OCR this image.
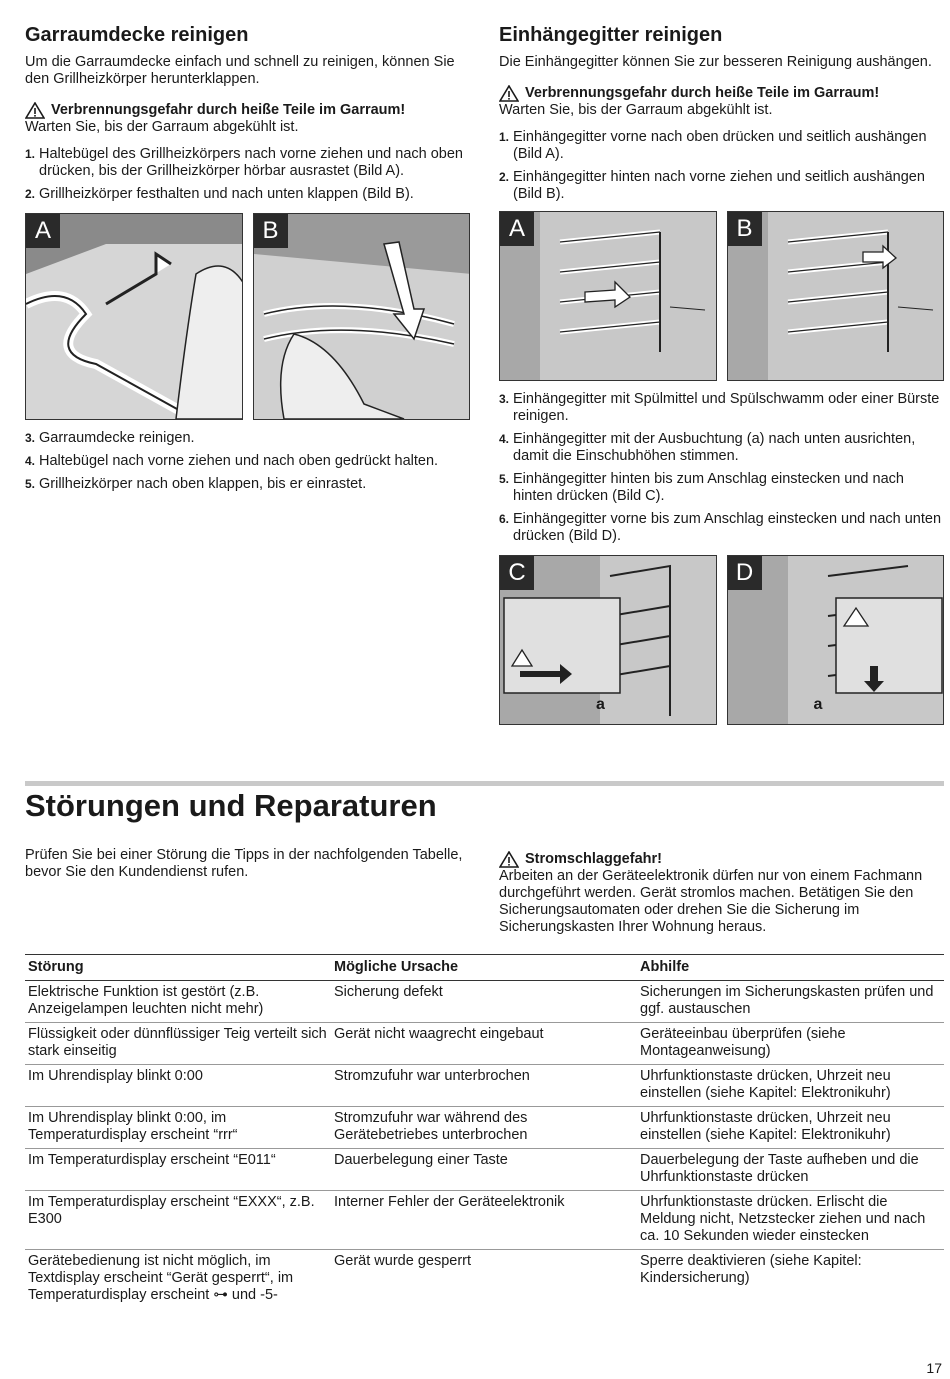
Garraumdecke reinigen

Um die Garraumdecke einfach und schnell zu reinigen, können Sie den Grillheizkörper herunterklappen.

Verbrennungsgefahr durch heiße Teile im Garraum!

Warten Sie, bis der Garraum abgekühlt ist.

1. Haltebügel des Grillheizkörpers nach vorne ziehen und nach oben drücken, bis der Grillheizkörper hörbar ausrastet (Bild A).
2. Grillheizkörper festhalten und nach unten klappen (Bild B).
A	B
3. Garraumdecke reinigen.
4. Haltebügel nach vorne ziehen und nach oben gedrückt halten.
5. Grillheizkörper nach oben klappen, bis er einrastet.
Einhängegitter reinigen

Die Einhängegitter können Sie zur besseren Reinigung aushängen.

Verbrennungsgefahr durch heiße Teile im Garraum!

Warten Sie, bis der Garraum abgekühlt ist.

1. Einhängegitter vorne nach oben drücken und seitlich aushängen (Bild A).
2. Einhängegitter hinten nach vorne ziehen und seitlich aushängen (Bild B).
A	B
3. Einhängegitter mit Spülmittel und Spülschwamm oder einer Bürste reinigen.
4. Einhängegitter mit der Ausbuchtung (a) nach unten ausrichten, damit die Einschubhöhen stimmen.
5. Einhängegitter hinten bis zum Anschlag einstecken und nach hinten drücken (Bild C).
6. Einhängegitter vorne bis zum Anschlag einstecken und nach unten drücken (Bild D).
C
a
D
a
Störungen und Reparaturen

Prüfen Sie bei einer Störung die Tipps in der nachfolgenden Tabelle, bevor Sie den Kundendienst rufen.

Stromschlaggefahr!

Arbeiten an der Geräteelektronik dürfen nur von einem Fachmann durchgeführt werden. Gerät stromlos machen. Betätigen Sie den Sicherungsautomaten oder drehen Sie die Sicherung im Sicherungskasten Ihrer Wohnung heraus.

Störung	Mögliche Ursache	Abhilfe
Elektrische Funktion ist gestört (z.B. Anzeigelampen leuchten nicht mehr)	Sicherung defekt	Sicherungen im Sicherungskasten prüfen und ggf. austauschen
Flüssigkeit oder dünnflüssiger Teig verteilt sich stark einseitig	Gerät nicht waagrecht eingebaut	Geräteeinbau überprüfen (siehe Montageanweisung)
Im Uhrendisplay blinkt 0:00	Stromzufuhr war unterbrochen	Uhrfunktionstaste drücken, Uhrzeit neu einstellen (siehe Kapitel: Elektronikuhr)
Im Uhrendisplay blinkt 0:00, im Temperaturdisplay erscheint “rrr“	Stromzufuhr war während des Gerätebetriebes unterbrochen	Uhrfunktionstaste drücken, Uhrzeit neu einstellen (siehe Kapitel: Elektronikuhr)
Im Temperaturdisplay erscheint “E011“	Dauerbelegung einer Taste	Dauerbelegung der Taste aufheben und die Uhrfunktionstaste drücken
Im Temperaturdisplay erscheint “EXXX“, z.B. E300	Interner Fehler der Geräteelektronik	Uhrfunktionstaste drücken. Erlischt die Meldung nicht, Netzstecker ziehen und nach ca. 10 Sekunden wieder einstecken
Gerätebedienung ist nicht möglich, im Textdisplay erscheint “Gerät gesperrt“, im Temperaturdisplay erscheint ⊶ und -5-	Gerät wurde gesperrt	Sperre deaktivieren (siehe Kapitel: Kindersicherung)
17
